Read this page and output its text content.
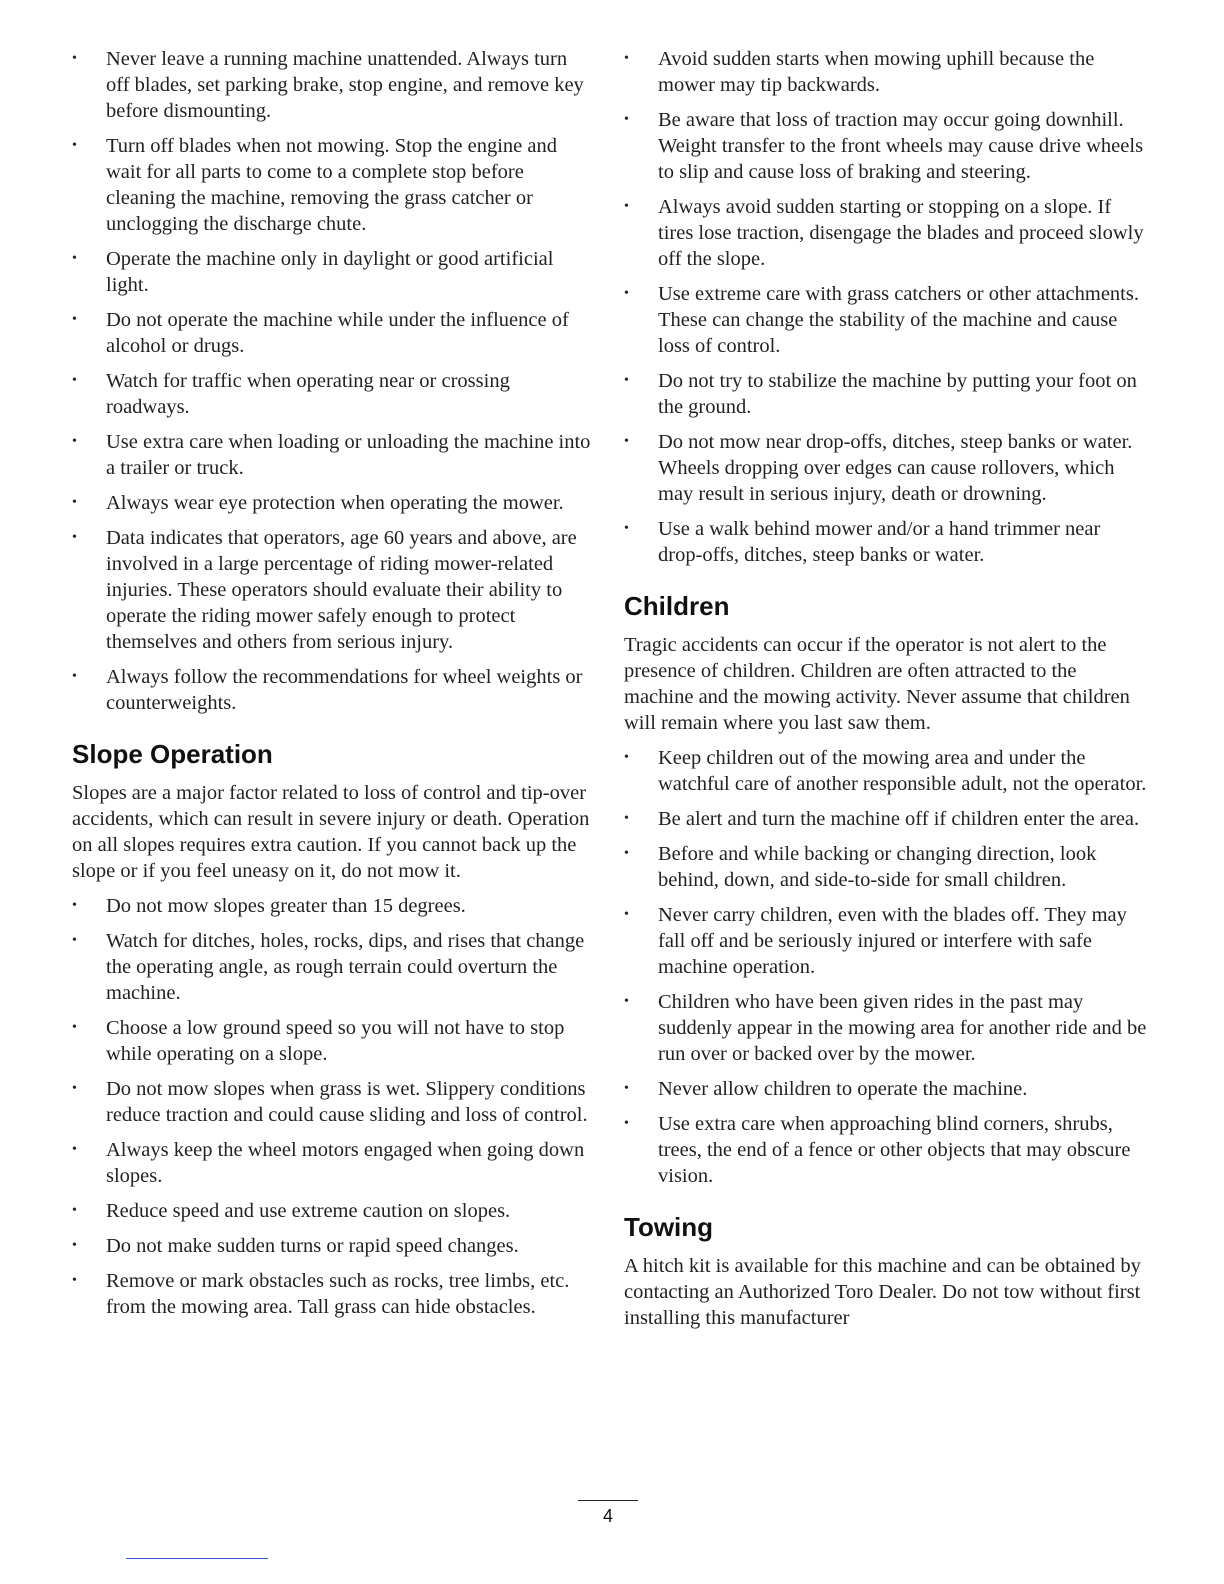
• Never leave a running machine unattended. Always turn off blades, set parking brake, stop engine, and remove key before dismounting.
• Turn off blades when not mowing. Stop the engine and wait for all parts to come to a complete stop before cleaning the machine, removing the grass catcher or unclogging the discharge chute.
• Operate the machine only in daylight or good artificial light.
• Do not operate the machine while under the influence of alcohol or drugs.
• Watch for traffic when operating near or crossing roadways.
• Use extra care when loading or unloading the machine into a trailer or truck.
• Always wear eye protection when operating the mower.
• Data indicates that operators, age 60 years and above, are involved in a large percentage of riding mower-related injuries. These operators should evaluate their ability to operate the riding mower safely enough to protect themselves and others from serious injury.
• Always follow the recommendations for wheel weights or counterweights.
Slope Operation

Slopes are a major factor related to loss of control and tip-over accidents, which can result in severe injury or death. Operation on all slopes requires extra caution. If you cannot back up the slope or if you feel uneasy on it, do not mow it.

• Do not mow slopes greater than 15 degrees.
• Watch for ditches, holes, rocks, dips, and rises that change the operating angle, as rough terrain could overturn the machine.
• Choose a low ground speed so you will not have to stop while operating on a slope.
• Do not mow slopes when grass is wet. Slippery conditions reduce traction and could cause sliding and loss of control.
• Always keep the wheel motors engaged when going down slopes.
• Reduce speed and use extreme caution on slopes.
• Do not make sudden turns or rapid speed changes.
• Remove or mark obstacles such as rocks, tree limbs, etc. from the mowing area. Tall grass can hide obstacles.
• Avoid sudden starts when mowing uphill because the mower may tip backwards.
• Be aware that loss of traction may occur going downhill. Weight transfer to the front wheels may cause drive wheels to slip and cause loss of braking and steering.
• Always avoid sudden starting or stopping on a slope. If tires lose traction, disengage the blades and proceed slowly off the slope.
• Use extreme care with grass catchers or other attachments. These can change the stability of the machine and cause loss of control.
• Do not try to stabilize the machine by putting your foot on the ground.
• Do not mow near drop-offs, ditches, steep banks or water. Wheels dropping over edges can cause rollovers, which may result in serious injury, death or drowning.
• Use a walk behind mower and/or a hand trimmer near drop-offs, ditches, steep banks or water.
Children

Tragic accidents can occur if the operator is not alert to the presence of children. Children are often attracted to the machine and the mowing activity. Never assume that children will remain where you last saw them.

• Keep children out of the mowing area and under the watchful care of another responsible adult, not the operator.
• Be alert and turn the machine off if children enter the area.
• Before and while backing or changing direction, look behind, down, and side-to-side for small children.
• Never carry children, even with the blades off. They may fall off and be seriously injured or interfere with safe machine operation.
• Children who have been given rides in the past may suddenly appear in the mowing area for another ride and be run over or backed over by the mower.
• Never allow children to operate the machine.
• Use extra care when approaching blind corners, shrubs, trees, the end of a fence or other objects that may obscure vision.
Towing

A hitch kit is available for this machine and can be obtained by contacting an Authorized Toro Dealer. Do not tow without first installing this manufacturer

4
